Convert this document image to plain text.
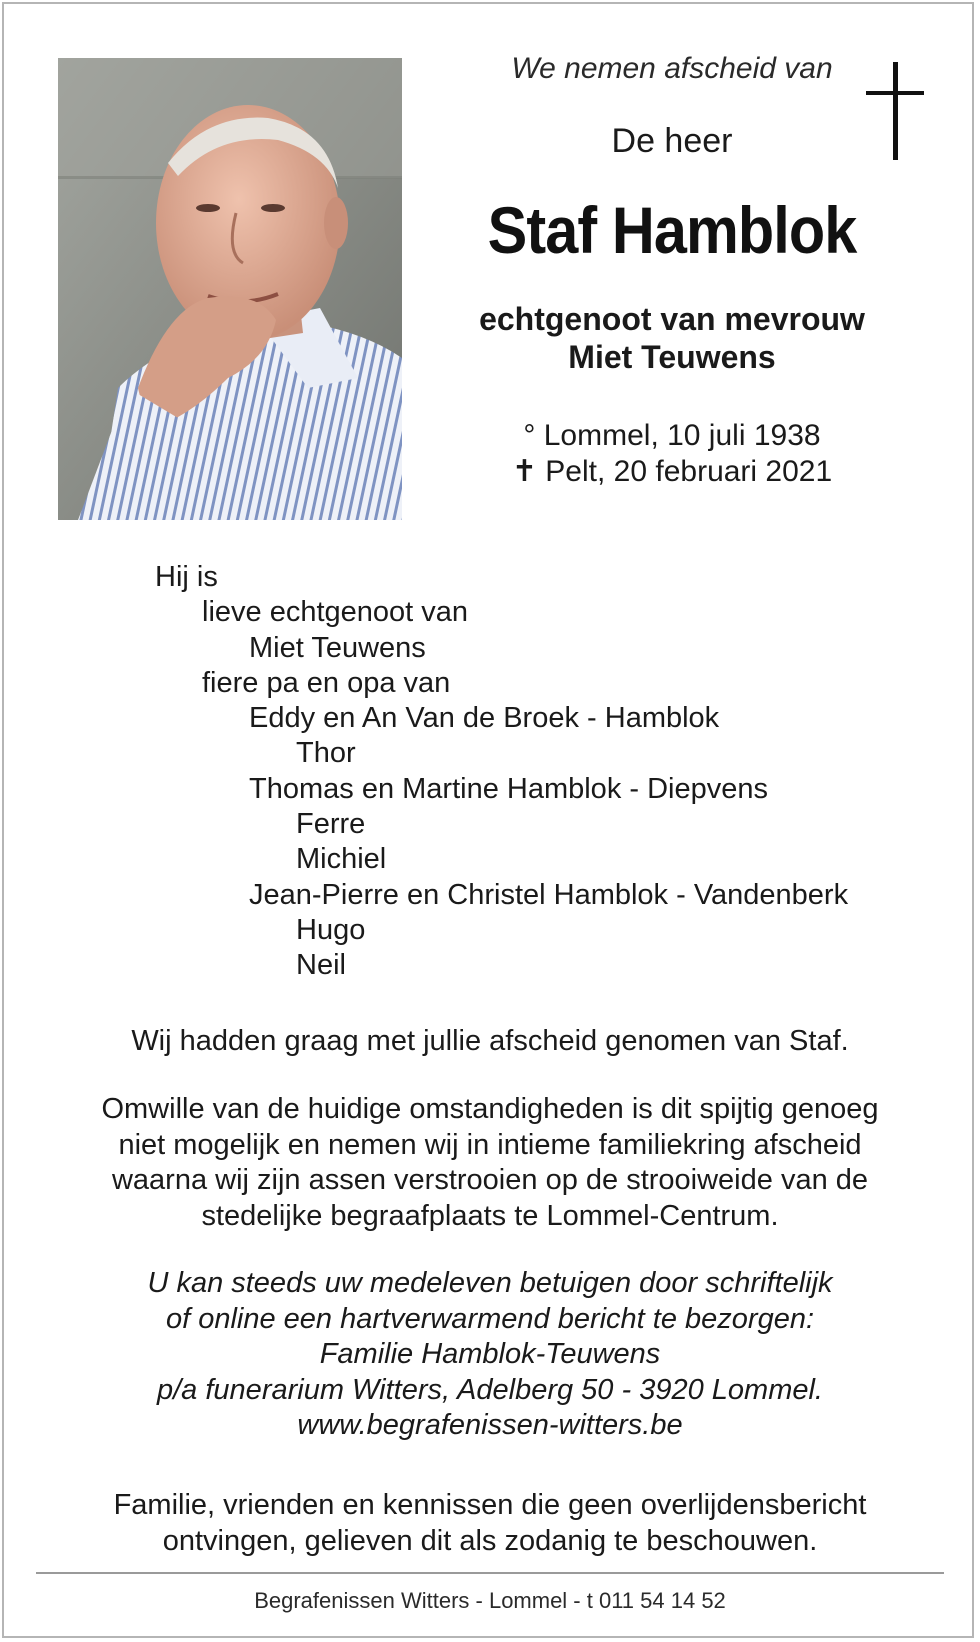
We nemen afscheid van
De heer
Staf Hamblok
echtgenoot van mevrouw
Miet Teuwens
° Lommel, 10 juli 1938
✝ Pelt, 20 februari 2021
Hij is
lieve echtgenoot van
Miet Teuwens
fiere pa en opa van
Eddy en An Van de Broek - Hamblok
Thor
Thomas en Martine Hamblok - Diepvens
Ferre
Michiel
Jean-Pierre en Christel Hamblok - Vandenberk
Hugo
Neil
Wij hadden graag met jullie afscheid genomen van Staf.
Omwille van de huidige omstandigheden is dit spijtig genoeg
niet mogelijk en nemen wij in intieme familiekring afscheid
waarna wij zijn assen verstrooien op de strooiweide van de
stedelijke begraafplaats te Lommel-Centrum.
U kan steeds uw medeleven betuigen door schriftelijk
of online een hartverwarmend bericht te bezorgen:
Familie Hamblok-Teuwens
p/a funerarium Witters, Adelberg 50 - 3920 Lommel.
www.begrafenissen-witters.be
Familie, vrienden en kennissen die geen overlijdensbericht
ontvingen, gelieven dit als zodanig te beschouwen.
Begrafenissen Witters - Lommel - t 011 54 14 52
